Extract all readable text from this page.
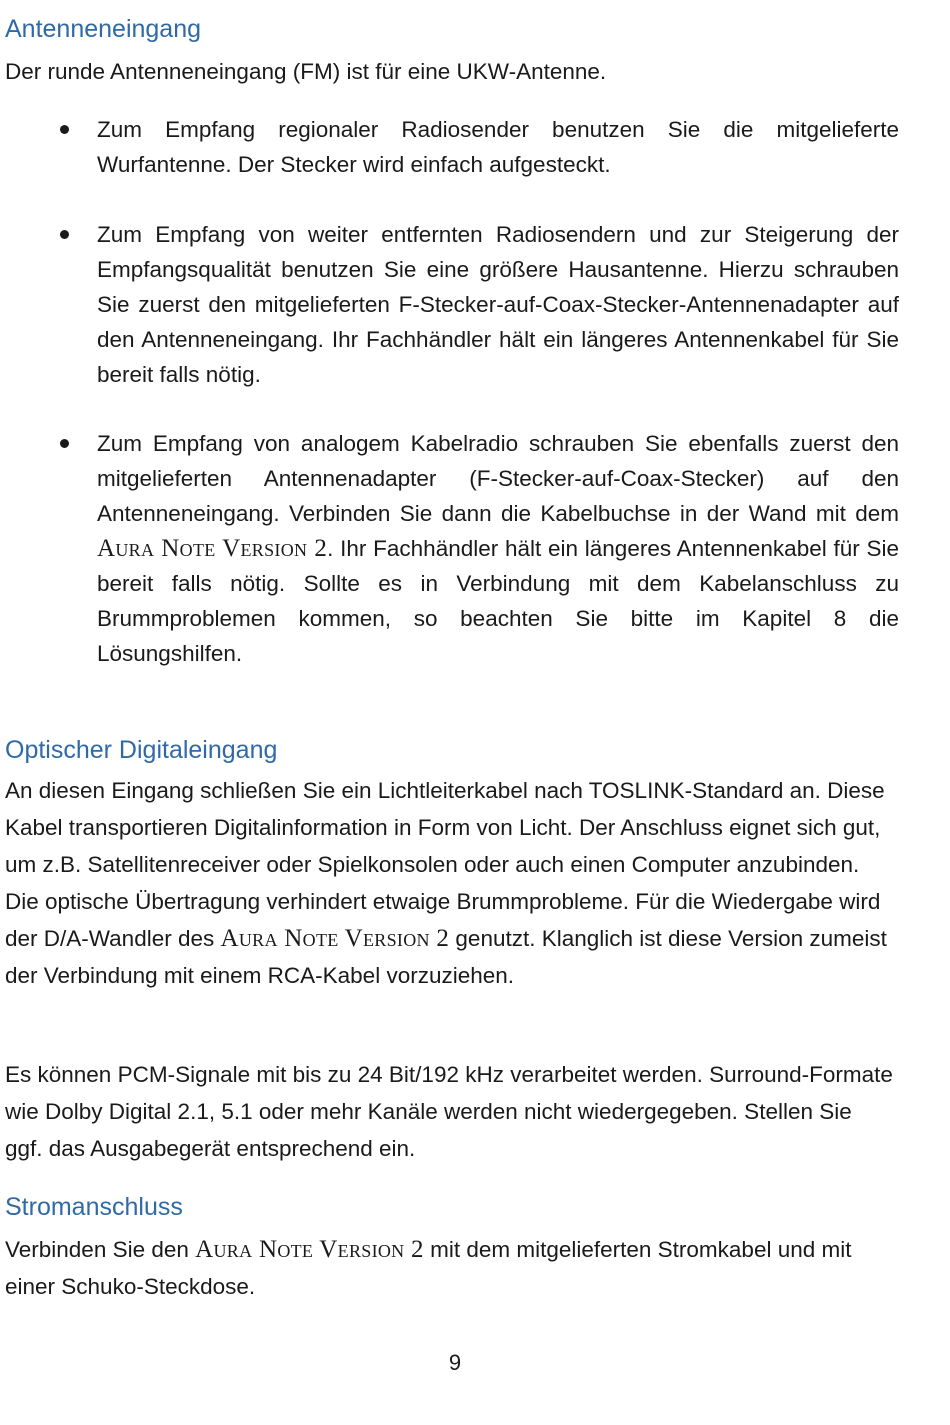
Antenneneingang

Der runde Antenneneingang (FM) ist für eine UKW-Antenne.

Zum Empfang regionaler Radiosender benutzen Sie die mitgelieferte Wurfantenne. Der Stecker wird einfach aufgesteckt.
Zum Empfang von weiter entfernten Radiosendern und zur Steigerung der Empfangsqualität benutzen Sie eine größere Hausantenne. Hierzu schrauben Sie zuerst den mitgelieferten F-Stecker-auf-Coax-Stecker-Antennenadapter auf den Antenneneingang. Ihr Fachhändler hält ein längeres Antennenkabel für Sie bereit falls nötig.
Zum Empfang von analogem Kabelradio schrauben Sie ebenfalls zuerst den mitgelieferten Antennenadapter (F-Stecker-auf-Coax-Stecker) auf den Antenneneingang. Verbinden Sie dann die Kabelbuchse in der Wand mit dem Aura Note Version 2. Ihr Fachhändler hält ein längeres Antennenkabel für Sie bereit falls nötig. Sollte es in Verbindung mit dem Kabelanschluss zu Brummproblemen kommen, so beachten Sie bitte im Kapitel 8 die Lösungshilfen.
Optischer Digitaleingang

An diesen Eingang schließen Sie ein Lichtleiterkabel nach TOSLINK-Standard an. Diese Kabel transportieren Digitalinformation in Form von Licht. Der Anschluss eignet sich gut, um z.B. Satellitenreceiver oder Spielkonsolen oder auch einen Computer anzubinden. Die optische Übertragung verhindert etwaige Brummprobleme. Für die Wiedergabe wird der D/A-Wandler des Aura Note Version 2 genutzt. Klanglich ist diese Version zumeist der Verbindung mit einem RCA-Kabel vorzuziehen.

Es können PCM-Signale mit bis zu 24 Bit/192 kHz verarbeitet werden. Surround-Formate wie Dolby Digital 2.1, 5.1 oder mehr Kanäle werden nicht wiedergegeben. Stellen Sie ggf. das Ausgabegerät entsprechend ein.

Stromanschluss

Verbinden Sie den Aura Note Version 2 mit dem mitgelieferten Stromkabel und mit einer Schuko-Steckdose.

9
